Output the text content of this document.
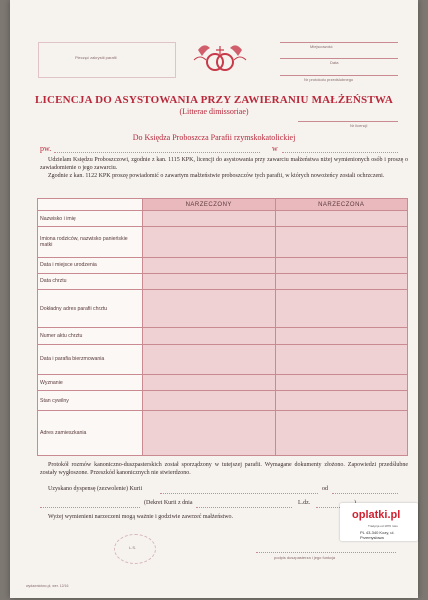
Pieczęć zakrystii parafii
Miejscowość
Data
Nr protokołu przedślubnego
LICENCJA DO ASYSTOWANIA PRZY ZAWIERANIU MAŁŻEŃSTWA
(Litterae dimissoriae)
Nr licencji
Do Księdza Proboszcza Parafii rzymskokatolickiej
pw.	w
Udzielam Księdzu Proboszczowi, zgodnie z kan. 1115 KPK, licencji do asystowania przy zawarciu małżeństwa niżej wymienionych osób i proszę o zawiadomienie o jego zawarciu.
Zgodnie z kan. 1122 KPK proszę powiadomić o zawartym małżeństwie proboszczów tych parafii, w których nowożeńcy zostali ochrzczeni.
	NARZECZONY	NARZECZONA
Nazwisko i imię		
Imiona rodziców, nazwisko panieńskie matki		
Data i miejsce urodzenia		
Data chrztu		
Dokładny adres parafii chrztu		
Numer aktu chrztu		
Data i parafia bierzmowania		
Wyznanie		
Stan cywilny		
Adres zamieszkania		
Protokół rozmów kanoniczno-duszpasterskich został sporządzony w tutejszej parafii. Wymagane dokumenty złożono. Zapowiedzi przedślubne zostały wygłoszone. Przeszkód kanonicznych nie stwierdzono.
Uzyskano dyspensę (zezwolenie) Kurii	od
(Dekret Kurii z dnia	L.dz.
Wyżej wymienieni narzeczeni mogą ważnie i godziwie zawrzeć małżeństwo.
L.S.
podpis duszpasterza i jego funkcja
wydawnictwo.pl, wer. 12/16
oplatki.pl
Tradycja od 1870 roku
PL 43-340 Kozy, ul. Przemysłowa
